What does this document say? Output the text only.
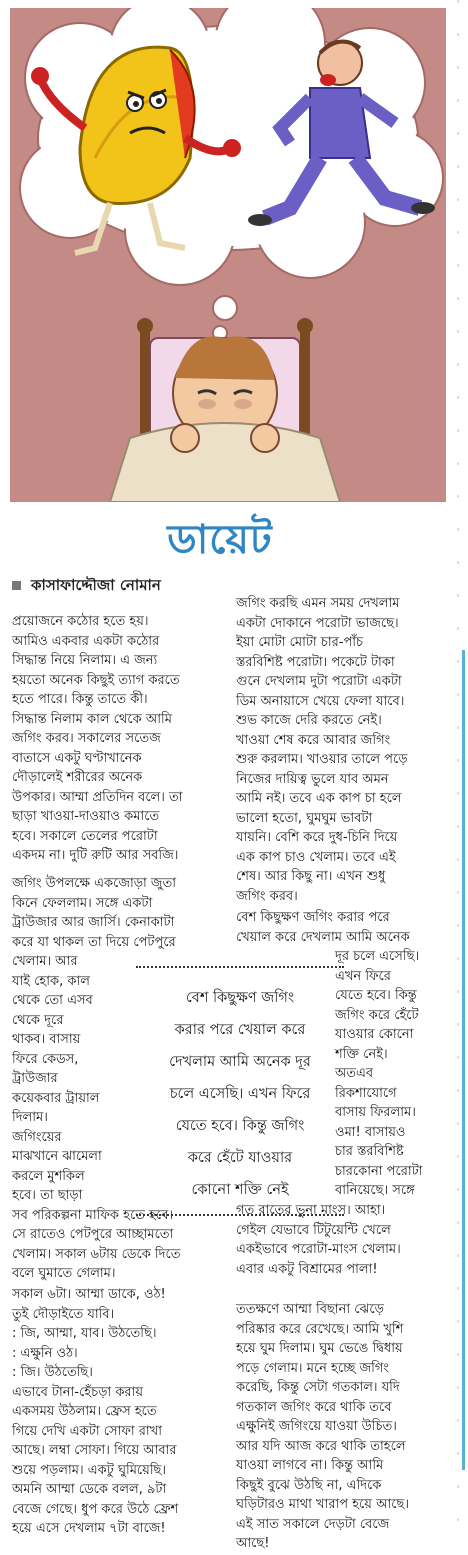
ডায়েট
কাসাফাদ্দৌজা নোমান
প্রয়োজনে কঠোর হতে হয়।
আমিও একবার একটা কঠোর
সিদ্ধান্ত নিয়ে নিলাম। এ জন্য
হয়তো অনেক কিছুই ত্যাগ করতে
হতে পারে। কিন্তু তাতে কী।
সিদ্ধান্ত নিলাম কাল থেকে আমি
জগিং করব। সকালের সতেজ
বাতাসে একটু ঘণ্টাখানেক
দৌড়ালেই শরীরের অনেক
উপকার। আম্মা প্রতিদিন বলে। তা
ছাড়া খাওয়া-দাওয়াও কমাতে
হবে। সকালে তেলের পরোটা
একদম না। দুটি রুটি আর সবজি।
জগিং উপলক্ষে একজোড়া জুতা
কিনে ফেললাম। সঙ্গে একটা
ট্রাউজার আর জার্সি। কেনাকাটা
করে যা থাকল তা দিয়ে পেটপুরে
খেলাম। আর
যাই হোক, কাল
থেকে তো এসব
থেকে দূরে
থাকব। বাসায়
ফিরে কেডস,
ট্রাউজার
কয়েকবার ট্রায়াল
দিলাম।
জগিংয়ের
মাঝখানে ঝামেলা
করলে মুশকিল
হবে। তা ছাড়া
সব পরিকল্পনা মাফিক হতে হবে।
সে রাতেও পেটপুরে আচ্ছামতো
খেলাম। সকাল ৬টায় ডেকে দিতে
বলে ঘুমাতে গেলাম।
সকাল ৬টা। আম্মা ডাকে, ওঠ!
তুই দৌড়াইতে যাবি।
: জি, আম্মা, যাব। উঠতেছি।
: এক্ষুনি ওঠ।
: জি। উঠতেছি।
এভাবে টানা-হেঁচড়া করায়
একসময় উঠলাম। ফ্রেস হতে
গিয়ে দেখি একটা সোফা রাখা
আছে। লম্বা সোফা। গিয়ে আবার
শুয়ে পড়লাম। একটু ঘুমিয়েছি।
অমনি আম্মা ডেকে বলল, ৯টা
বেজে গেছে। ধুপ করে উঠে ফ্রেশ
হয়ে এসে দেখলাম ৭টা বাজে!
জগিং করছি এমন সময় দেখলাম
একটা দোকানে পরোটা ভাজছে।
ইয়া মোটা মোটা চার-পাঁচ
স্তরবিশিষ্ট পরোটা। পকেটে টাকা
গুনে দেখলাম দুটা পরোটা একটা
ডিম অনায়াসে খেয়ে ফেলা যাবে।
শুভ কাজে দেরি করতে নেই।
খাওয়া শেষ করে আবার জগিং
শুরু করলাম। খাওয়ার তালে পড়ে
নিজের দায়িত্ব ভুলে যাব অমন
আমি নই। তবে এক কাপ চা হলে
ভালো হতো, ঘুমঘুম ভাবটা
যায়নি। বেশি করে দুধ-চিনি দিয়ে
এক কাপ চাও খেলাম। তবে এই
শেষ। আর কিছু না। এখন শুধু
জগিং করব।
বেশ কিছুক্ষণ জগিং করার পরে
খেয়াল করে দেখলাম আমি অনেক
দূর চলে এসেছি।
এখন ফিরে
যেতে হবে। কিন্তু
জগিং করে হেঁটে
যাওয়ার কোনো
শক্তি নেই।
অতএব
রিকশাযোগে
বাসায় ফিরলাম।
ওমা! বাসায়ও
চার স্তরবিশিষ্ট
চারকোনা পরোটা
বানিয়েছে। সঙ্গে
গত রাতের ভুনা মাংস। আহা।
গেইল যেভাবে টিটুয়েন্টি খেলে
একইভাবে পরোটা-মাংস খেলাম।
এবার একটু বিশ্রামের পালা!
ততক্ষণে আম্মা বিছানা ঝেড়ে
পরিষ্কার করে রেখেছে। আমি খুশি
হয়ে ঘুম দিলাম। ঘুম ভেঙে দ্বিধায়
পড়ে গেলাম। মনে হচ্ছে জগিং
করেছি, কিন্তু সেটা গতকাল। যদি
গতকাল জগিং করে থাকি তবে
এক্ষুনিই জগিংয়ে যাওয়া উচিত।
আর যদি আজ করে থাকি তাহলে
যাওয়া লাগবে না। কিন্তু আমি
কিছুই বুঝে উঠছি না, এদিকে
ঘড়িটারও মাথা খারাপ হয়ে আছে।
এই সাত সকালে দেড়টা বেজে
আছে!
বেশ কিছুক্ষণ জগিং
করার পরে খেয়াল করে
দেখলাম আমি অনেক দূর
চলে এসেছি। এখন ফিরে
যেতে হবে। কিন্তু জগিং
করে হেঁটে যাওয়ার
কোনো শক্তি নেই
